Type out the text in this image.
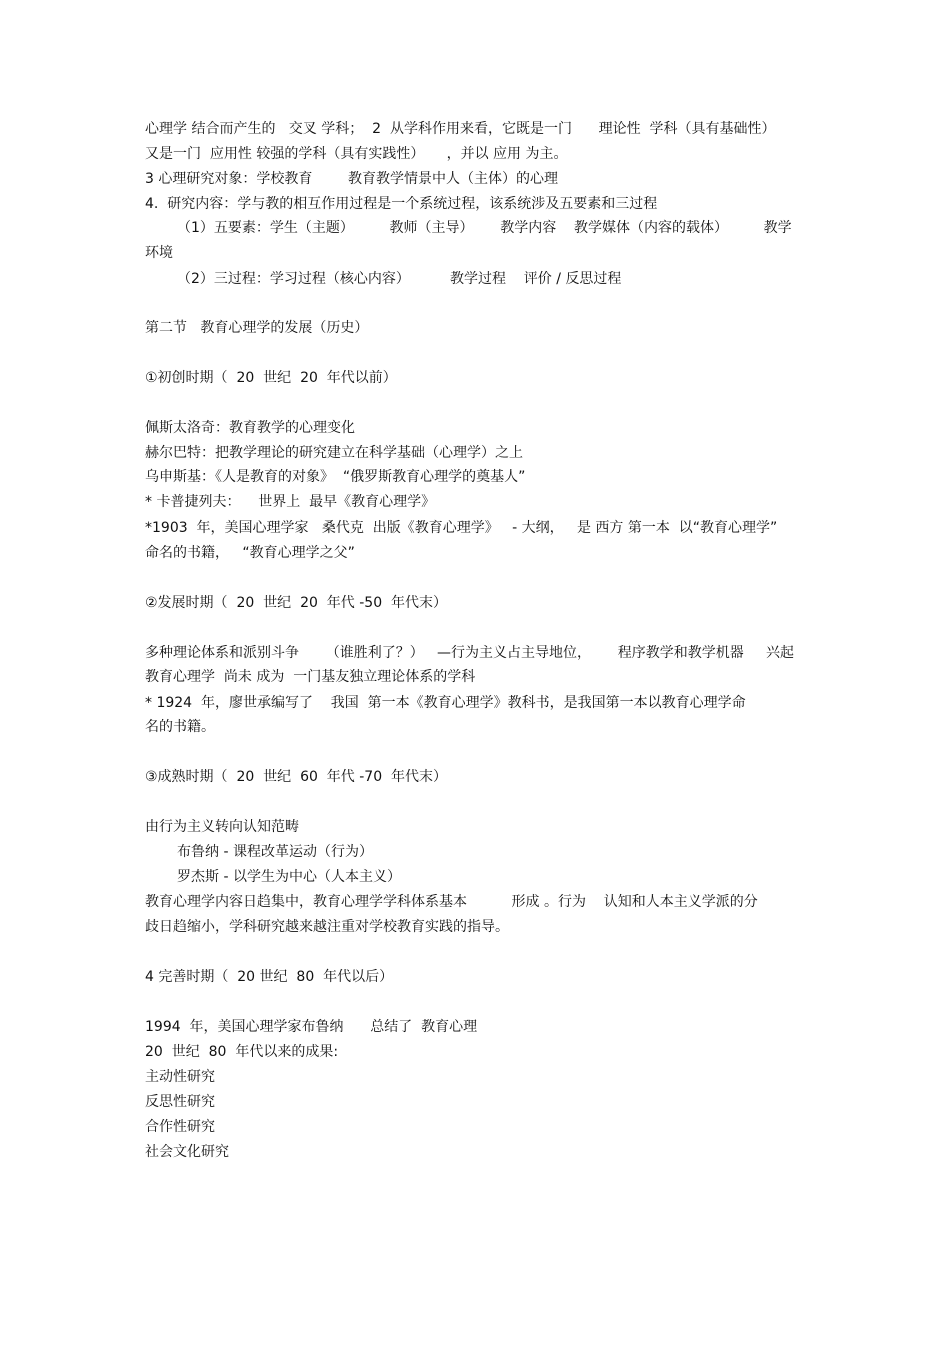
心理学 结合而产生的   交叉 学科；  2  从学科作用来看，它既是一门      理论性  学科（具有基础性）
又是一门  应用性 较强的学科（具有实践性）     ，并以 应用 为主。
3 心理研究对象：学校教育        教育教学情景中人（主体）的心理
4.  研究内容：学与教的相互作用过程是一个系统过程，该系统涉及五要素和三过程
（1）五要素：学生（主题）        教师（主导）      教学内容    教学媒体（内容的载体）        教学
环境
（2）三过程：学习过程（核心内容）         教学过程    评价 / 反思过程
第二节   教育心理学的发展（历史）
①初创时期（  20  世纪  20  年代以前）
佩斯太洛奇：教育教学的心理变化
赫尔巴特：把教学理论的研究建立在科学基础（心理学）之上
乌申斯基：《人是教育的对象》  “俄罗斯教育心理学的奠基人”
* 卡普捷列夫：    世界上  最早《教育心理学》
*1903  年，美国心理学家   桑代克  出版《教育心理学》   - 大纲，   是 西方 第一本  以“教育心理学”
命名的书籍，   “教育心理学之父”
②发展时期（  20  世纪  20  年代 -50  年代末）
多种理论体系和派别斗争      （谁胜利了？）   —行为主义占主导地位，      程序教学和教学机器     兴起
教育心理学  尚未 成为  一门基友独立理论体系的学科
* 1924  年，廖世承编写了    我国  第一本《教育心理学》教科书，是我国第一本以教育心理学命
名的书籍。
③成熟时期（  20  世纪  60  年代 -70  年代末）
由行为主义转向认知范畴
布鲁纳 - 课程改革运动（行为）
罗杰斯 - 以学生为中心（人本主义）
教育心理学内容日趋集中，教育心理学学科体系基本          形成 。行为    认知和人本主义学派的分
歧日趋缩小，学科研究越来越注重对学校教育实践的指导。
4 完善时期（  20 世纪  80  年代以后）
1994  年，美国心理学家布鲁纳      总结了  教育心理
20  世纪  80  年代以来的成果:
主动性研究
反思性研究
合作性研究
社会文化研究
